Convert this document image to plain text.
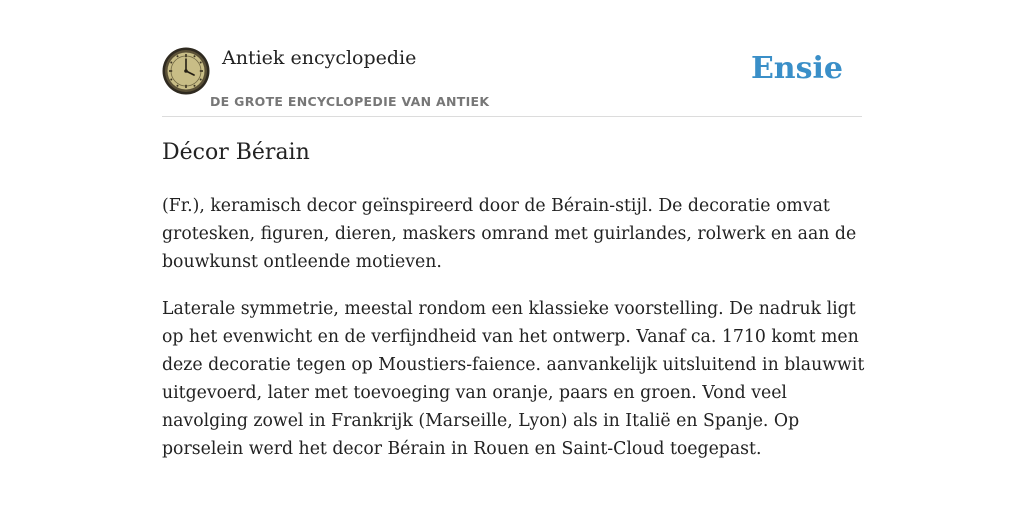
Antiek encyclopedie
DE GROTE ENCYCLOPEDIE VAN ANTIEK
Ensie
Décor Bérain

(Fr.), keramisch decor geïnspireerd door de Bérain-stijl. De decoratie omvat grotesken, figuren, dieren, maskers omrand met guirlandes, rolwerk en aan de bouwkunst ontleende motieven.

Laterale symmetrie, meestal rondom een klassieke voorstelling. De nadruk ligt op het evenwicht en de verfijndheid van het ontwerp. Vanaf ca. 1710 komt men deze decoratie tegen op Moustiers-faience. aanvankelijk uitsluitend in blauwwit uitgevoerd, later met toevoeging van oranje, paars en groen. Vond veel navolging zowel in Frankrijk (Marseille, Lyon) als in Italië en Spanje. Op porselein werd het decor Bérain in Rouen en Saint-Cloud toegepast.
